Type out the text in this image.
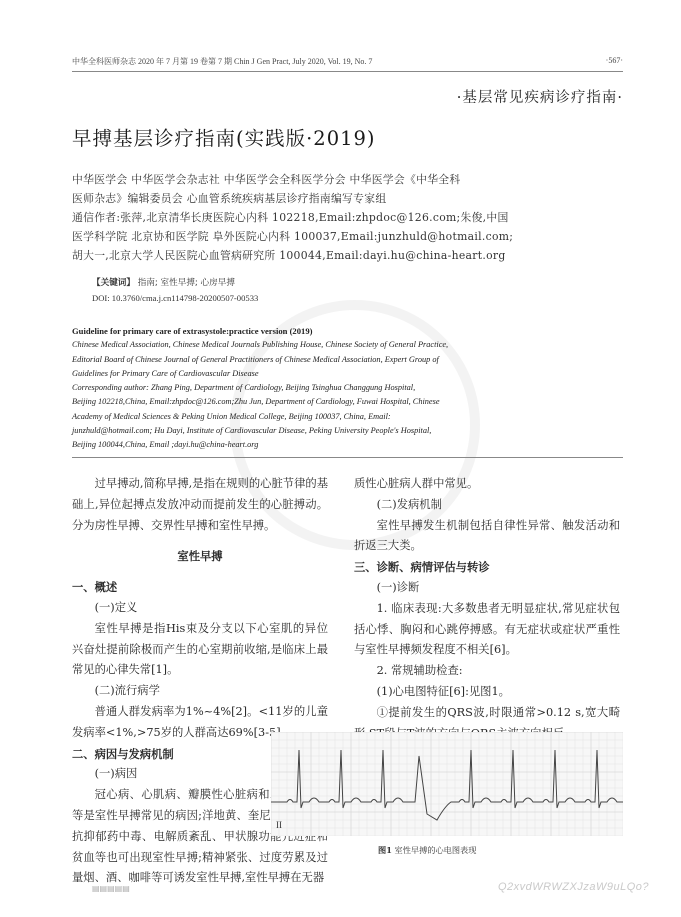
中华全科医师杂志 2020 年 7 月第 19 卷第 7 期 Chin J Gen Pract, July 2020, Vol. 19, No. 7	·567·
·基层常见疾病诊疗指南·
早搏基层诊疗指南(实践版·2019)
中华医学会 中华医学会杂志社 中华医学会全科医学分会 中华医学会《中华全科
医师杂志》编辑委员会 心血管系统疾病基层诊疗指南编写专家组
通信作者:张萍,北京清华长庚医院心内科 102218,Email:zhpdoc@126.com;朱俊,中国
医学科学院 北京协和医学院 阜外医院心内科 100037,Email:junzhuld@hotmail.com;
胡大一,北京大学人民医院心血管病研究所 100044,Email:dayi.hu@china-heart.org
【关键词】 指南; 室性早搏; 心房早搏
DOI: 10.3760/cma.j.cn114798-20200507-00533
Guideline for primary care of extrasystole:practice version (2019)
Chinese Medical Association, Chinese Medical Journals Publishing House, Chinese Society of General Practice,
Editorial Board of Chinese Journal of General Practitioners of Chinese Medical Association, Expert Group of
Guidelines for Primary Care of Cardiovascular Disease
Corresponding author: Zhang Ping, Department of Cardiology, Beijing Tsinghua Changgung Hospital,
Beijing 102218,China, Email:zhpdoc@126.com;Zhu Jun, Department of Cardiology, Fuwai Hospital, Chinese
Academy of Medical Sciences & Peking Union Medical College, Beijing 100037, China, Email:
junzhuld@hotmail.com; Hu Dayi, Institute of Cardiovascular Disease, Peking University People's Hospital,
Beijing 100044,China, Email ;dayi.hu@china-heart.org

过早搏动,简称早搏,是指在规则的心脏节律的基础上,异位起搏点发放冲动而提前发生的心脏搏动。分为房性早搏、交界性早搏和室性早搏。

室性早搏

一、概述

(一)定义

室性早搏是指His束及分支以下心室肌的异位兴奋灶提前除极而产生的心室期前收缩,是临床上最常见的心律失常[1]。

(二)流行病学

普通人群发病率为1%~4%[2]。<11岁的儿童发病率<1%,>75岁的人群高达69%[3-5]。

二、病因与发病机制

(一)病因

冠心病、心肌病、瓣膜性心脏病和二尖瓣脱垂等是室性早搏常见的病因;洋地黄、奎尼丁、三环类抗抑郁药中毒、电解质紊乱、甲状腺功能亢进症和贫血等也可出现室性早搏;精神紧张、过度劳累及过量烟、酒、咖啡等可诱发室性早搏,室性早搏在无器

质性心脏病人群中常见。

(二)发病机制

室性早搏发生机制包括自律性异常、触发活动和折返三大类。

三、诊断、病情评估与转诊

(一)诊断

1. 临床表现:大多数患者无明显症状,常见症状包括心悸、胸闷和心跳停搏感。有无症状或症状严重性与室性早搏频发程度不相关[6]。

2. 常规辅助检查:

(1)心电图特征[6]:见图1。

①提前发生的QRS波,时限通常>0.12 s,宽大畸形,ST段与T波的方向与QRS主波方向相反。

②同一来源的室性早搏与其前面的窦性搏动之间的间期一般恒定(室性并行心律除外)。

③室性早搏后有完全性代偿间歇,即包含室性早搏在内前后两个下传的窦性搏动的间期,等于两

II
图1 室性早搏的心电图表现
▤▤▤▤▤	Q2xvdWRWZXJzaW9uLQo?
